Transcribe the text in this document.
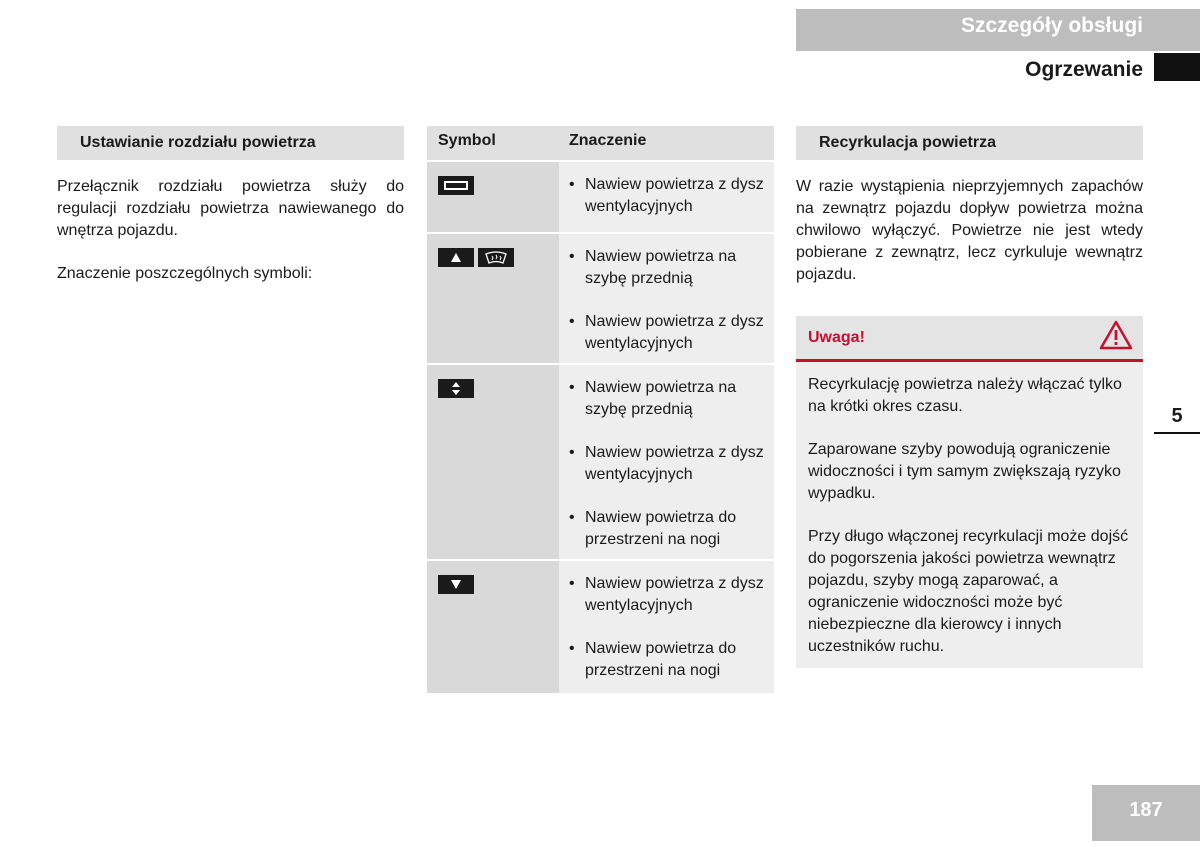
Szczegóły obsługi
Ogrzewanie
5
187
Ustawianie rozdziału powietrza

Przełącznik rozdziału powietrza służy do regulacji rozdziału powietrza nawiewanego do wnętrza pojazdu.

Znaczenie poszczególnych symboli:

Symbol	Znaczenie
• Nawiew powietrza z dysz wentylacyjnych
• Nawiew powietrza na szybę przednią
• Nawiew powietrza z dysz wentylacyjnych
• Nawiew powietrza na szybę przednią
• Nawiew powietrza z dysz wentylacyjnych
• Nawiew powietrza do przestrzeni na nogi
• Nawiew powietrza z dysz wentylacyjnych
• Nawiew powietrza do przestrzeni na nogi
Recyrkulacja powietrza

W razie wystąpienia nieprzyjemnych zapachów na zewnątrz pojazdu dopływ powietrza można chwilowo wyłączyć. Powietrze nie jest wtedy pobierane z zewnątrz, lecz cyrkuluje wewnątrz pojazdu.

Uwaga!

Recyrkulację powietrza należy włączać tylko na krótki okres czasu.

Zaparowane szyby powodują ograniczenie widoczności i tym samym zwiększają ryzyko wypadku.

Przy długo włączonej recyrkulacji może dojść do pogorszenia jakości powietrza wewnątrz pojazdu, szyby mogą zaparować, a ograniczenie widoczności może być niebezpieczne dla kierowcy i innych uczestników ruchu.
